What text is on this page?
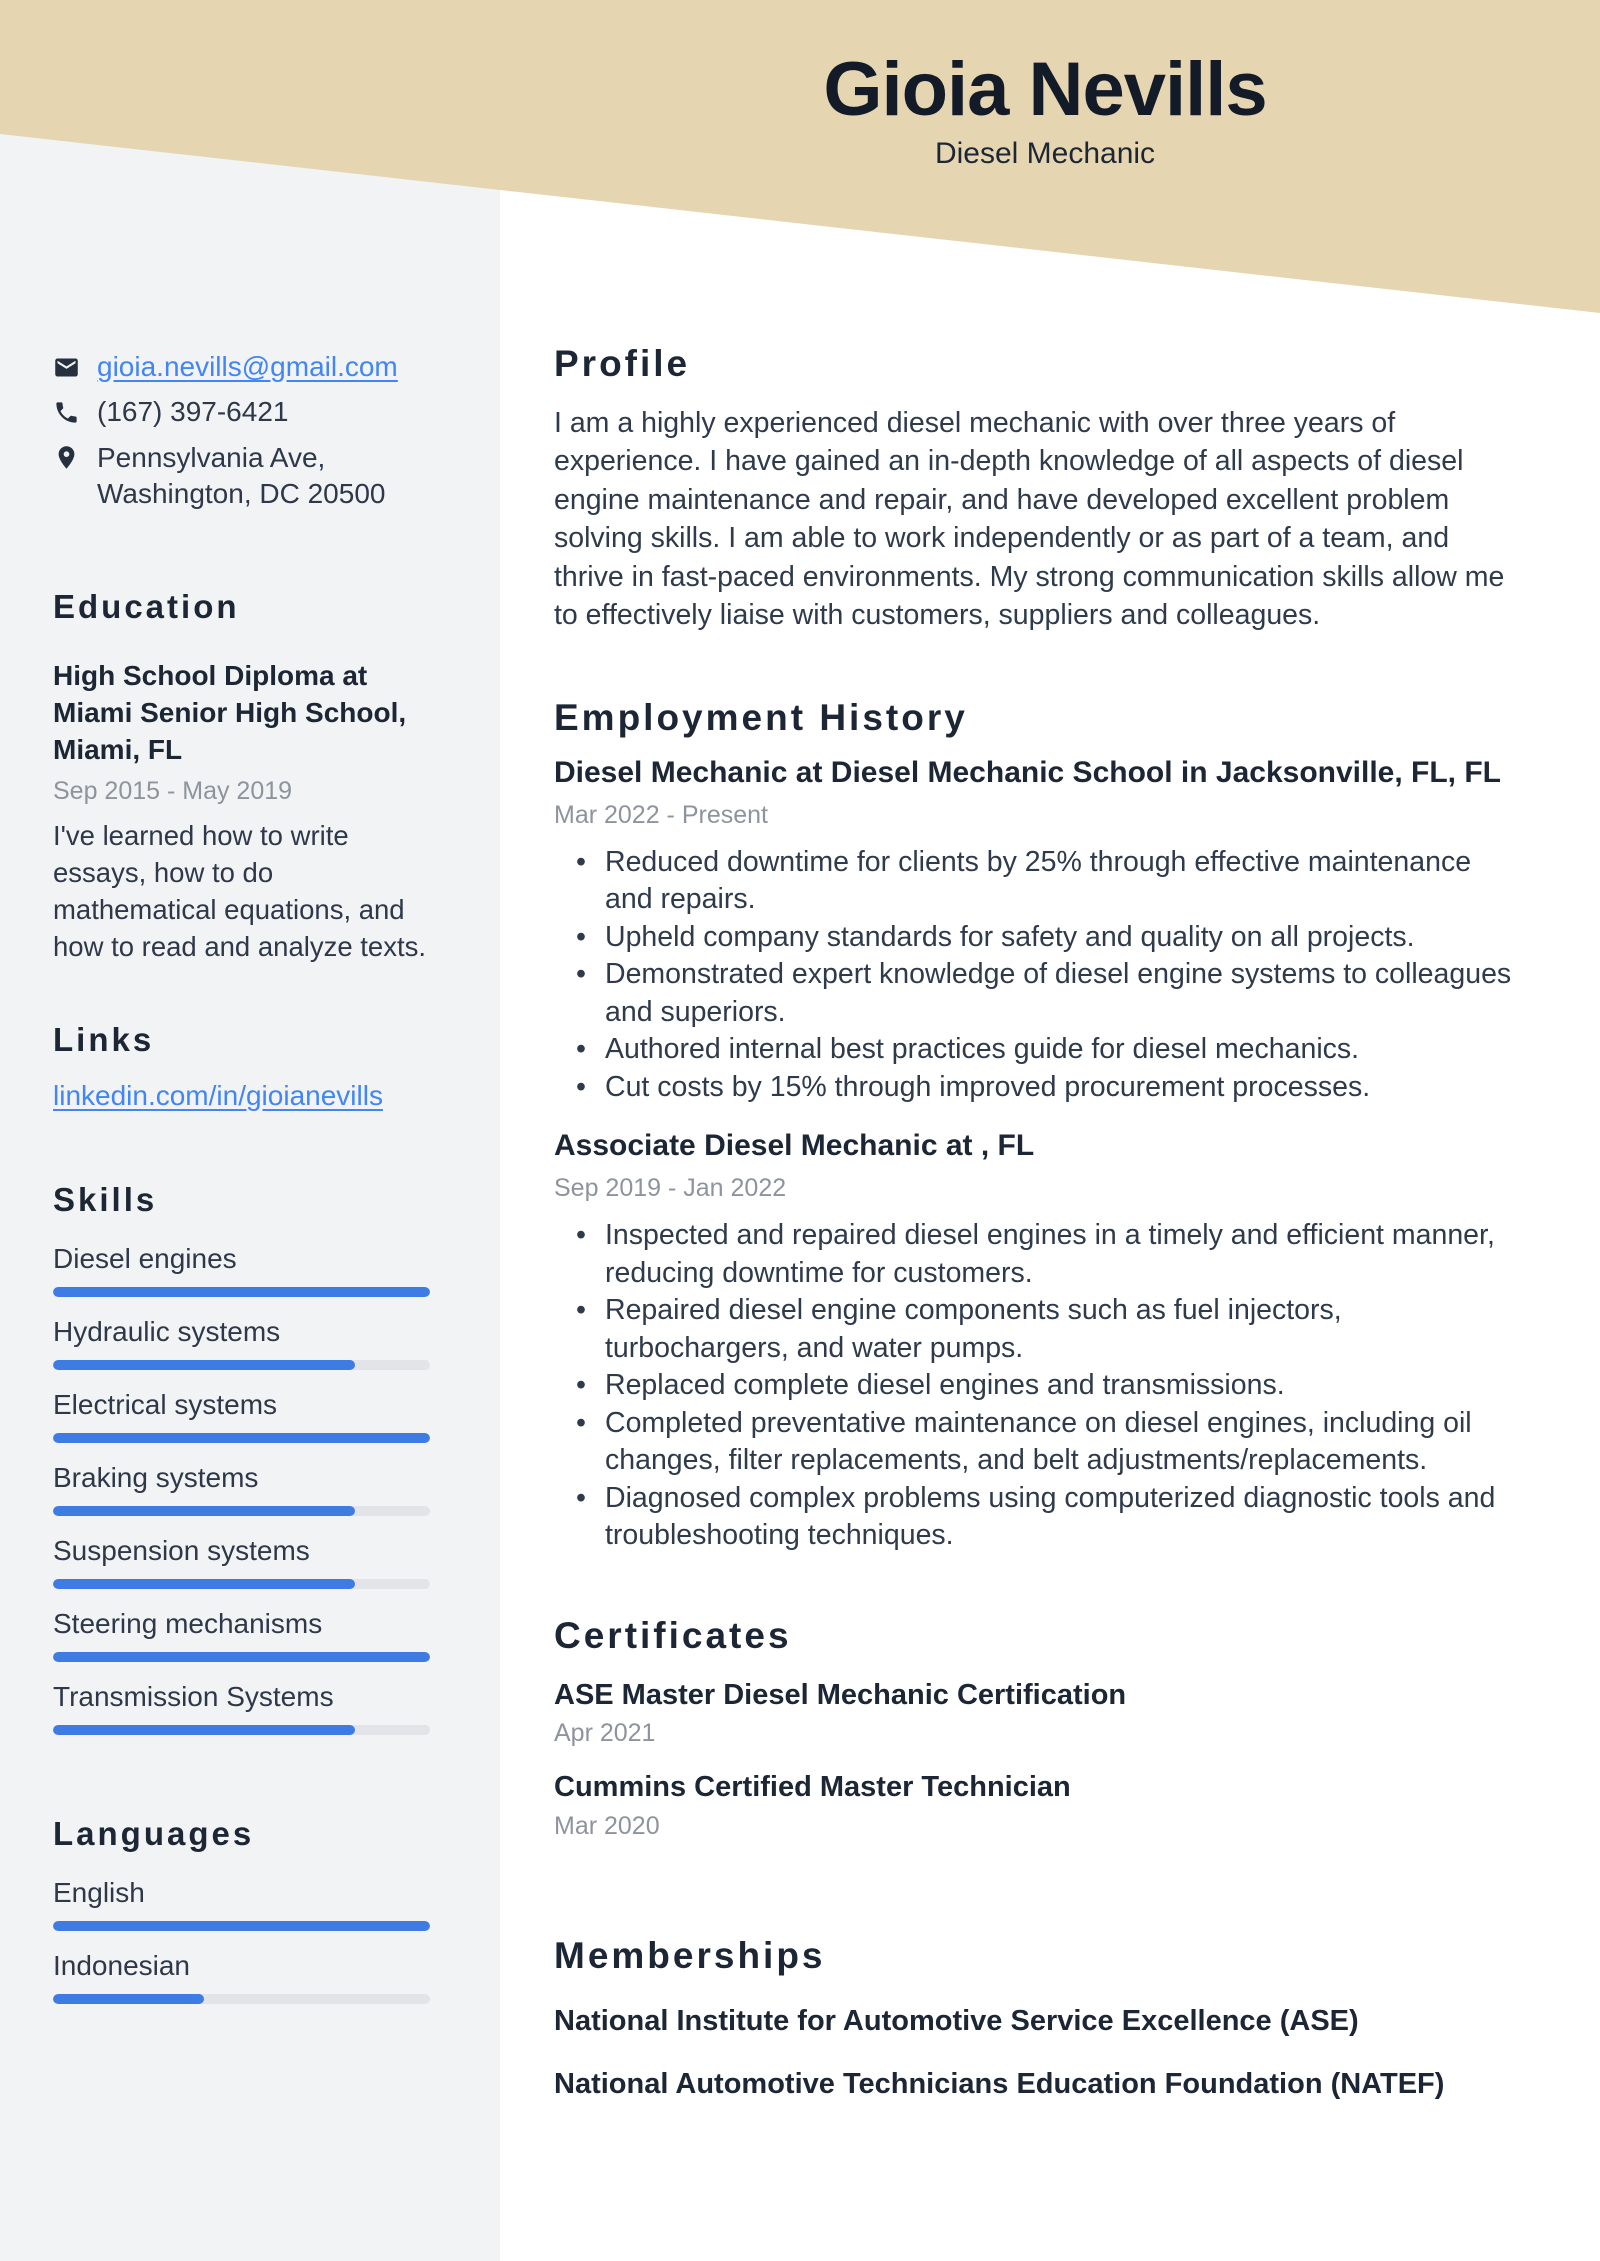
Gioia Nevills
Diesel Mechanic
gioia.nevills@gmail.com
(167) 397-6421
Pennsylvania Ave,
Washington, DC 20500
Education
High School Diploma at Miami Senior High School, Miami, FL
Sep 2015 - May 2019
I've learned how to write essays, how to do mathematical equations, and how to read and analyze texts.
Links
linkedin.com/in/gioianevills
Skills
Diesel engines
Hydraulic systems
Electrical systems
Braking systems
Suspension systems
Steering mechanisms
Transmission Systems
Languages
English
Indonesian
Profile
I am a highly experienced diesel mechanic with over three years of experience. I have gained an in-depth knowledge of all aspects of diesel engine maintenance and repair, and have developed excellent problem solving skills. I am able to work independently or as part of a team, and thrive in fast-paced environments. My strong communication skills allow me to effectively liaise with customers, suppliers and colleagues.
Employment History
Diesel Mechanic at Diesel Mechanic School in Jacksonville, FL, FL
Mar 2022 - Present
• Reduced downtime for clients by 25% through effective maintenance and repairs.
• Upheld company standards for safety and quality on all projects.
• Demonstrated expert knowledge of diesel engine systems to colleagues and superiors.
• Authored internal best practices guide for diesel mechanics.
• Cut costs by 15% through improved procurement processes.
Associate Diesel Mechanic at , FL
Sep 2019 - Jan 2022
• Inspected and repaired diesel engines in a timely and efficient manner, reducing downtime for customers.
• Repaired diesel engine components such as fuel injectors, turbochargers, and water pumps.
• Replaced complete diesel engines and transmissions.
• Completed preventative maintenance on diesel engines, including oil changes, filter replacements, and belt adjustments/replacements.
• Diagnosed complex problems using computerized diagnostic tools and troubleshooting techniques.
Certificates
ASE Master Diesel Mechanic Certification
Apr 2021
Cummins Certified Master Technician
Mar 2020
Memberships
National Institute for Automotive Service Excellence (ASE)
National Automotive Technicians Education Foundation (NATEF)
